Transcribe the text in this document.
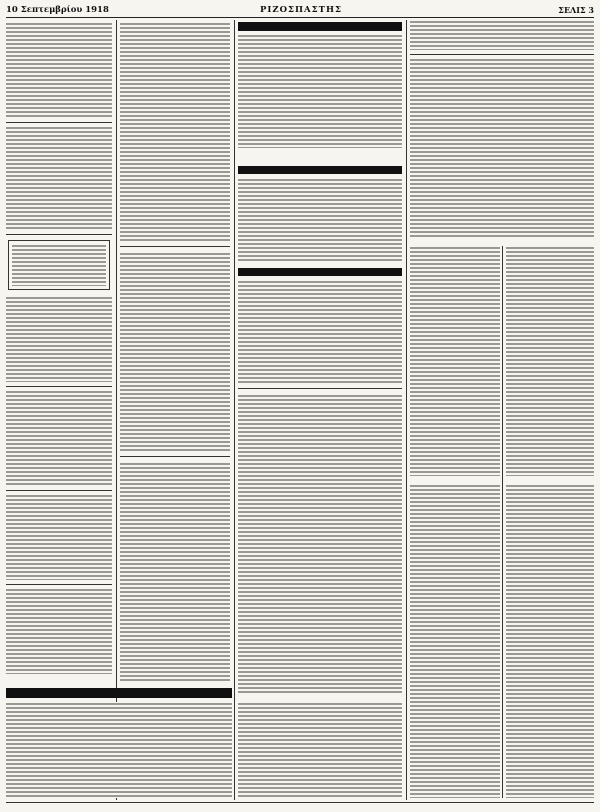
10 Σεπτεμβρίου 1918	ΡΙΖΟΣΠΑΣΤΗΣ	ΣΕΛΙΣ 3
